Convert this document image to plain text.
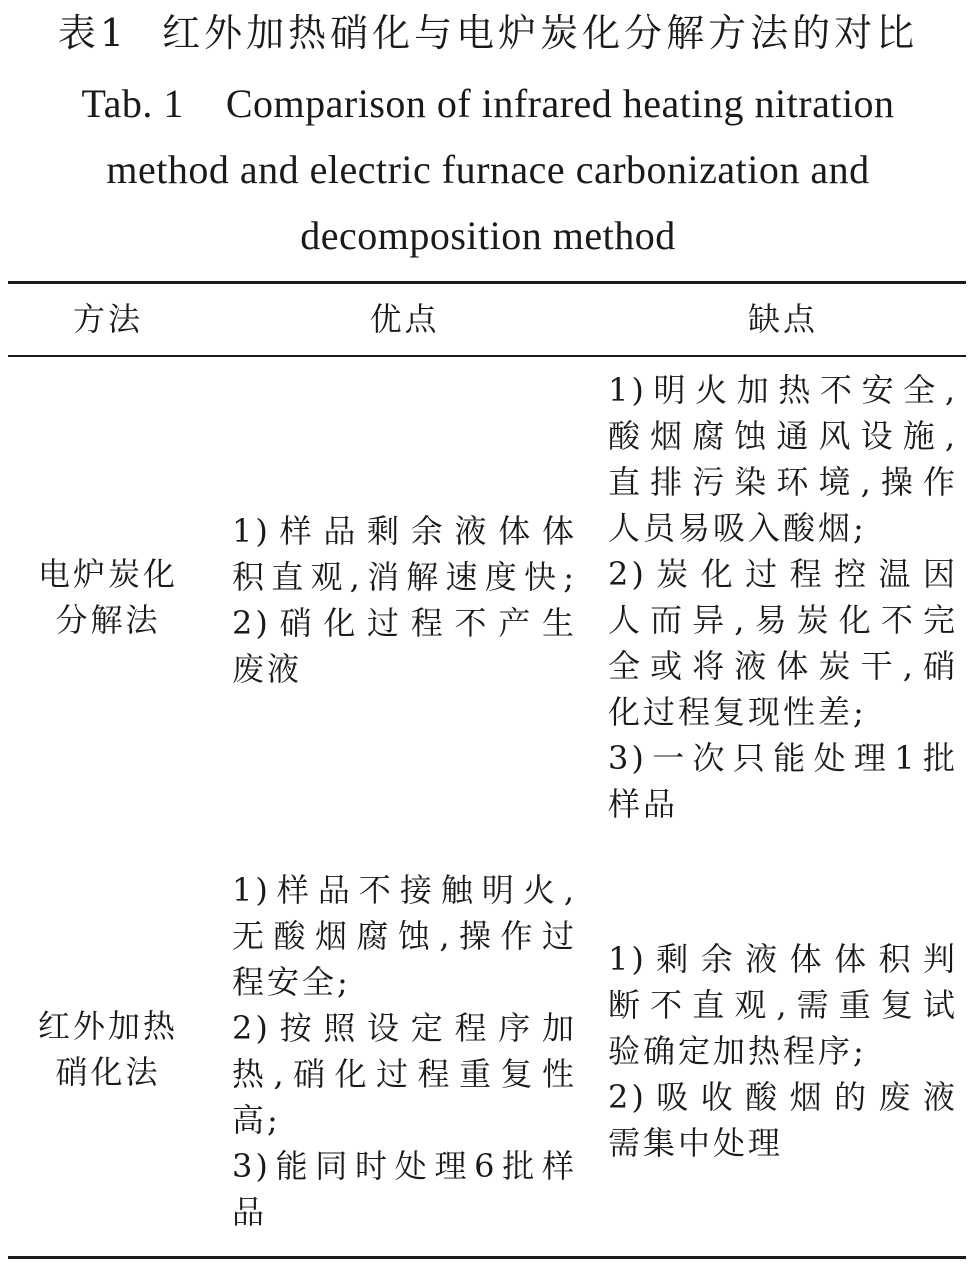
表1 红外加热硝化与电炉炭化分解方法的对比
Tab. 1 Comparison of infrared heating nitration
method and electric furnace carbonization and
decomposition method
方法	优点	缺点
电炉炭化
分解法
1)样品剩余液体体
积直观,消解速度快;
2)硝化过程不产生
废液
1)明火加热不安全,
酸烟腐蚀通风设施,
直排污染环境,操作
人员易吸入酸烟;
2)炭化过程控温因
人而异,易炭化不完
全或将液体炭干,硝
化过程复现性差;
3)一次只能处理1批
样品
红外加热
硝化法
1)样品不接触明火,
无酸烟腐蚀,操作过
程安全;
2)按照设定程序加
热,硝化过程重复性
高;
3)能同时处理6批样
品
1)剩余液体体积判
断不直观,需重复试
验确定加热程序;
2)吸收酸烟的废液
需集中处理
